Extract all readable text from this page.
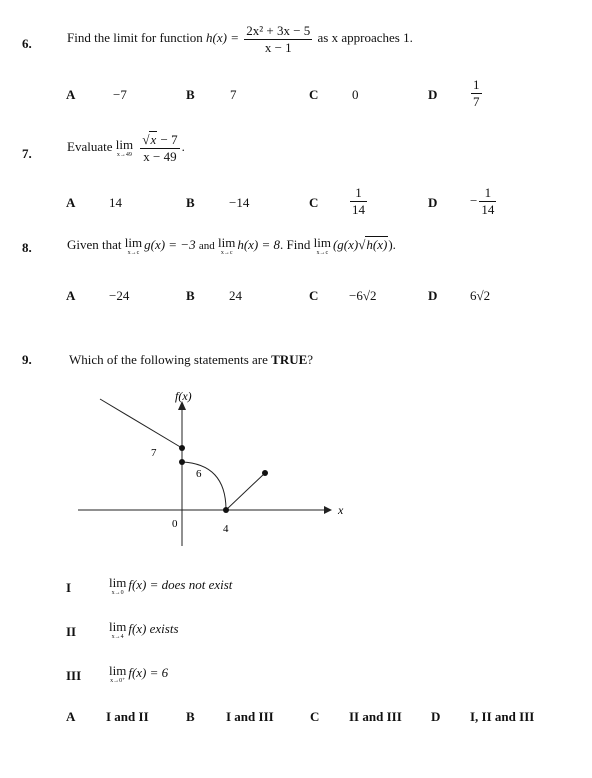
6.	Find the limit for function $h(x) = \frac{\text{2x² + 3x − 5}}{x - 1}$ as x approaches 1.
A	−7	B	7	C	0	D	$\frac{1}{7}$
7.	Evaluate lim
x→49
$\frac{√x - 7}{x - 49}$ .
A	14	B	−14	C $\frac{1}{14}$	D	− $\frac{1}{14}$
8.	Given that lim
x→c
g(x) = −3 and lim
x→c
h(x) = 8. Find lim
x→c
(g(x)√h(x)).
A	−24	B	24	C −6√2	D	6√2
9.	Which of the following statements are TRUE?
f(x)
x
7
6
0	4
I	lim
x→0
f(x) = does not exist
II	lim
x→4
f(x) exists
III lim
x→0⁺
f(x) = 6
A I and II	B I and III	C II and III D I, II and III
